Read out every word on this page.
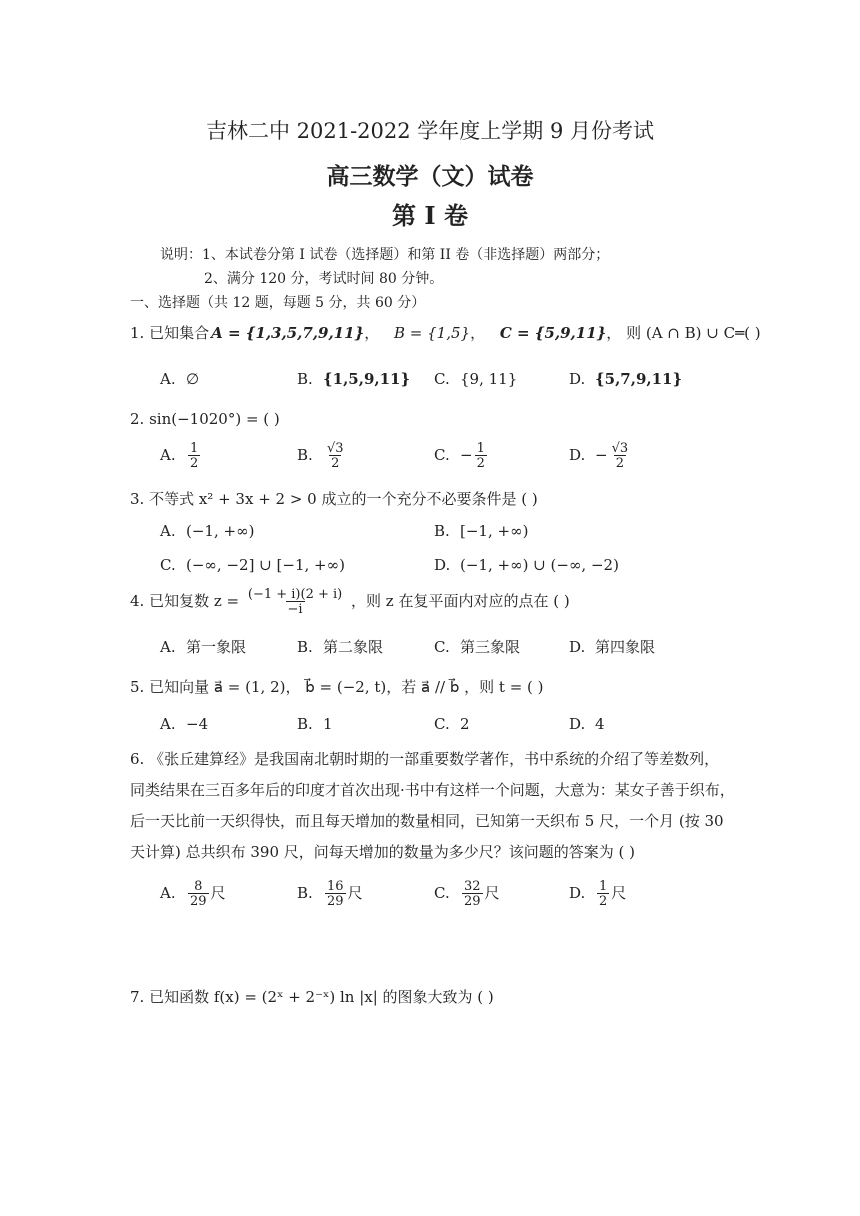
吉林二中 2021-2022 学年度上学期 9 月份考试
高三数学（文）试卷
第 I 卷
说明：1、本试卷分第 I 试卷（选择题）和第 II 卷（非选择题）两部分；
2、满分 120 分，考试时间 80 分钟。
一、选择题（共 12 题，每题 5 分，共 60 分）
1. 已知集合 A = {1,3,5,7,9,11}， B = {1,5}， C = {5,9,11}， 则 (A ∩ B) ∪ C═( )
A. ∅	B. {1,5,9,11} C. {9, 11}	D. {5,7,9,11}
2. sin(−1020°) = ( )
A. $\frac{1}{2}$	B. $\frac{√3}{2}$	C. − $\frac{1}{2}$	D. − $\frac{√3}{2}$
3. 不等式 x² + 3x + 2 > 0 成立的一个充分不必要条件是 ( )
A. (−1, +∞)	B. [−1, +∞)
C. (−∞, −2] ∪ [−1, +∞)	D. (−1, +∞) ∪ (−∞, −2)
4. 已知复数 $z = \frac{(-1 + i)(2 + i)}{-i}$ ，则 z 在复平面内对应的点在 ( )
A. 第一象限	B. 第二象限	C. 第三象限	D. 第四象限
5. 已知向量 a⃗ = (1, 2)， b⃗ = (−2, t)，若 a⃗ // b⃗ ，则 t = ( )
A. −4	B. 1	C. 2	D. 4
6. 《张丘建算经》是我国南北朝时期的一部重要数学著作，书中系统的介绍了等差数列，
同类结果在三百多年后的印度才首次出现·书中有这样一个问题，大意为：某女子善于织布，
后一天比前一天织得快，而且每天增加的数量相同，已知第一天织布 5 尺，一个月 (按 30
天计算) 总共织布 390 尺，问每天增加的数量为多少尺？该问题的答案为 ( )
A. $\frac{8}{29}$ 尺	B. $\frac{16}{29}$ 尺	C. $\frac{32}{29}$ 尺	D. $\frac{1}{2}$ 尺
7. 已知函数 f(x) = (2ˣ + 2⁻ˣ) ln |x| 的图象大致为 ( )
